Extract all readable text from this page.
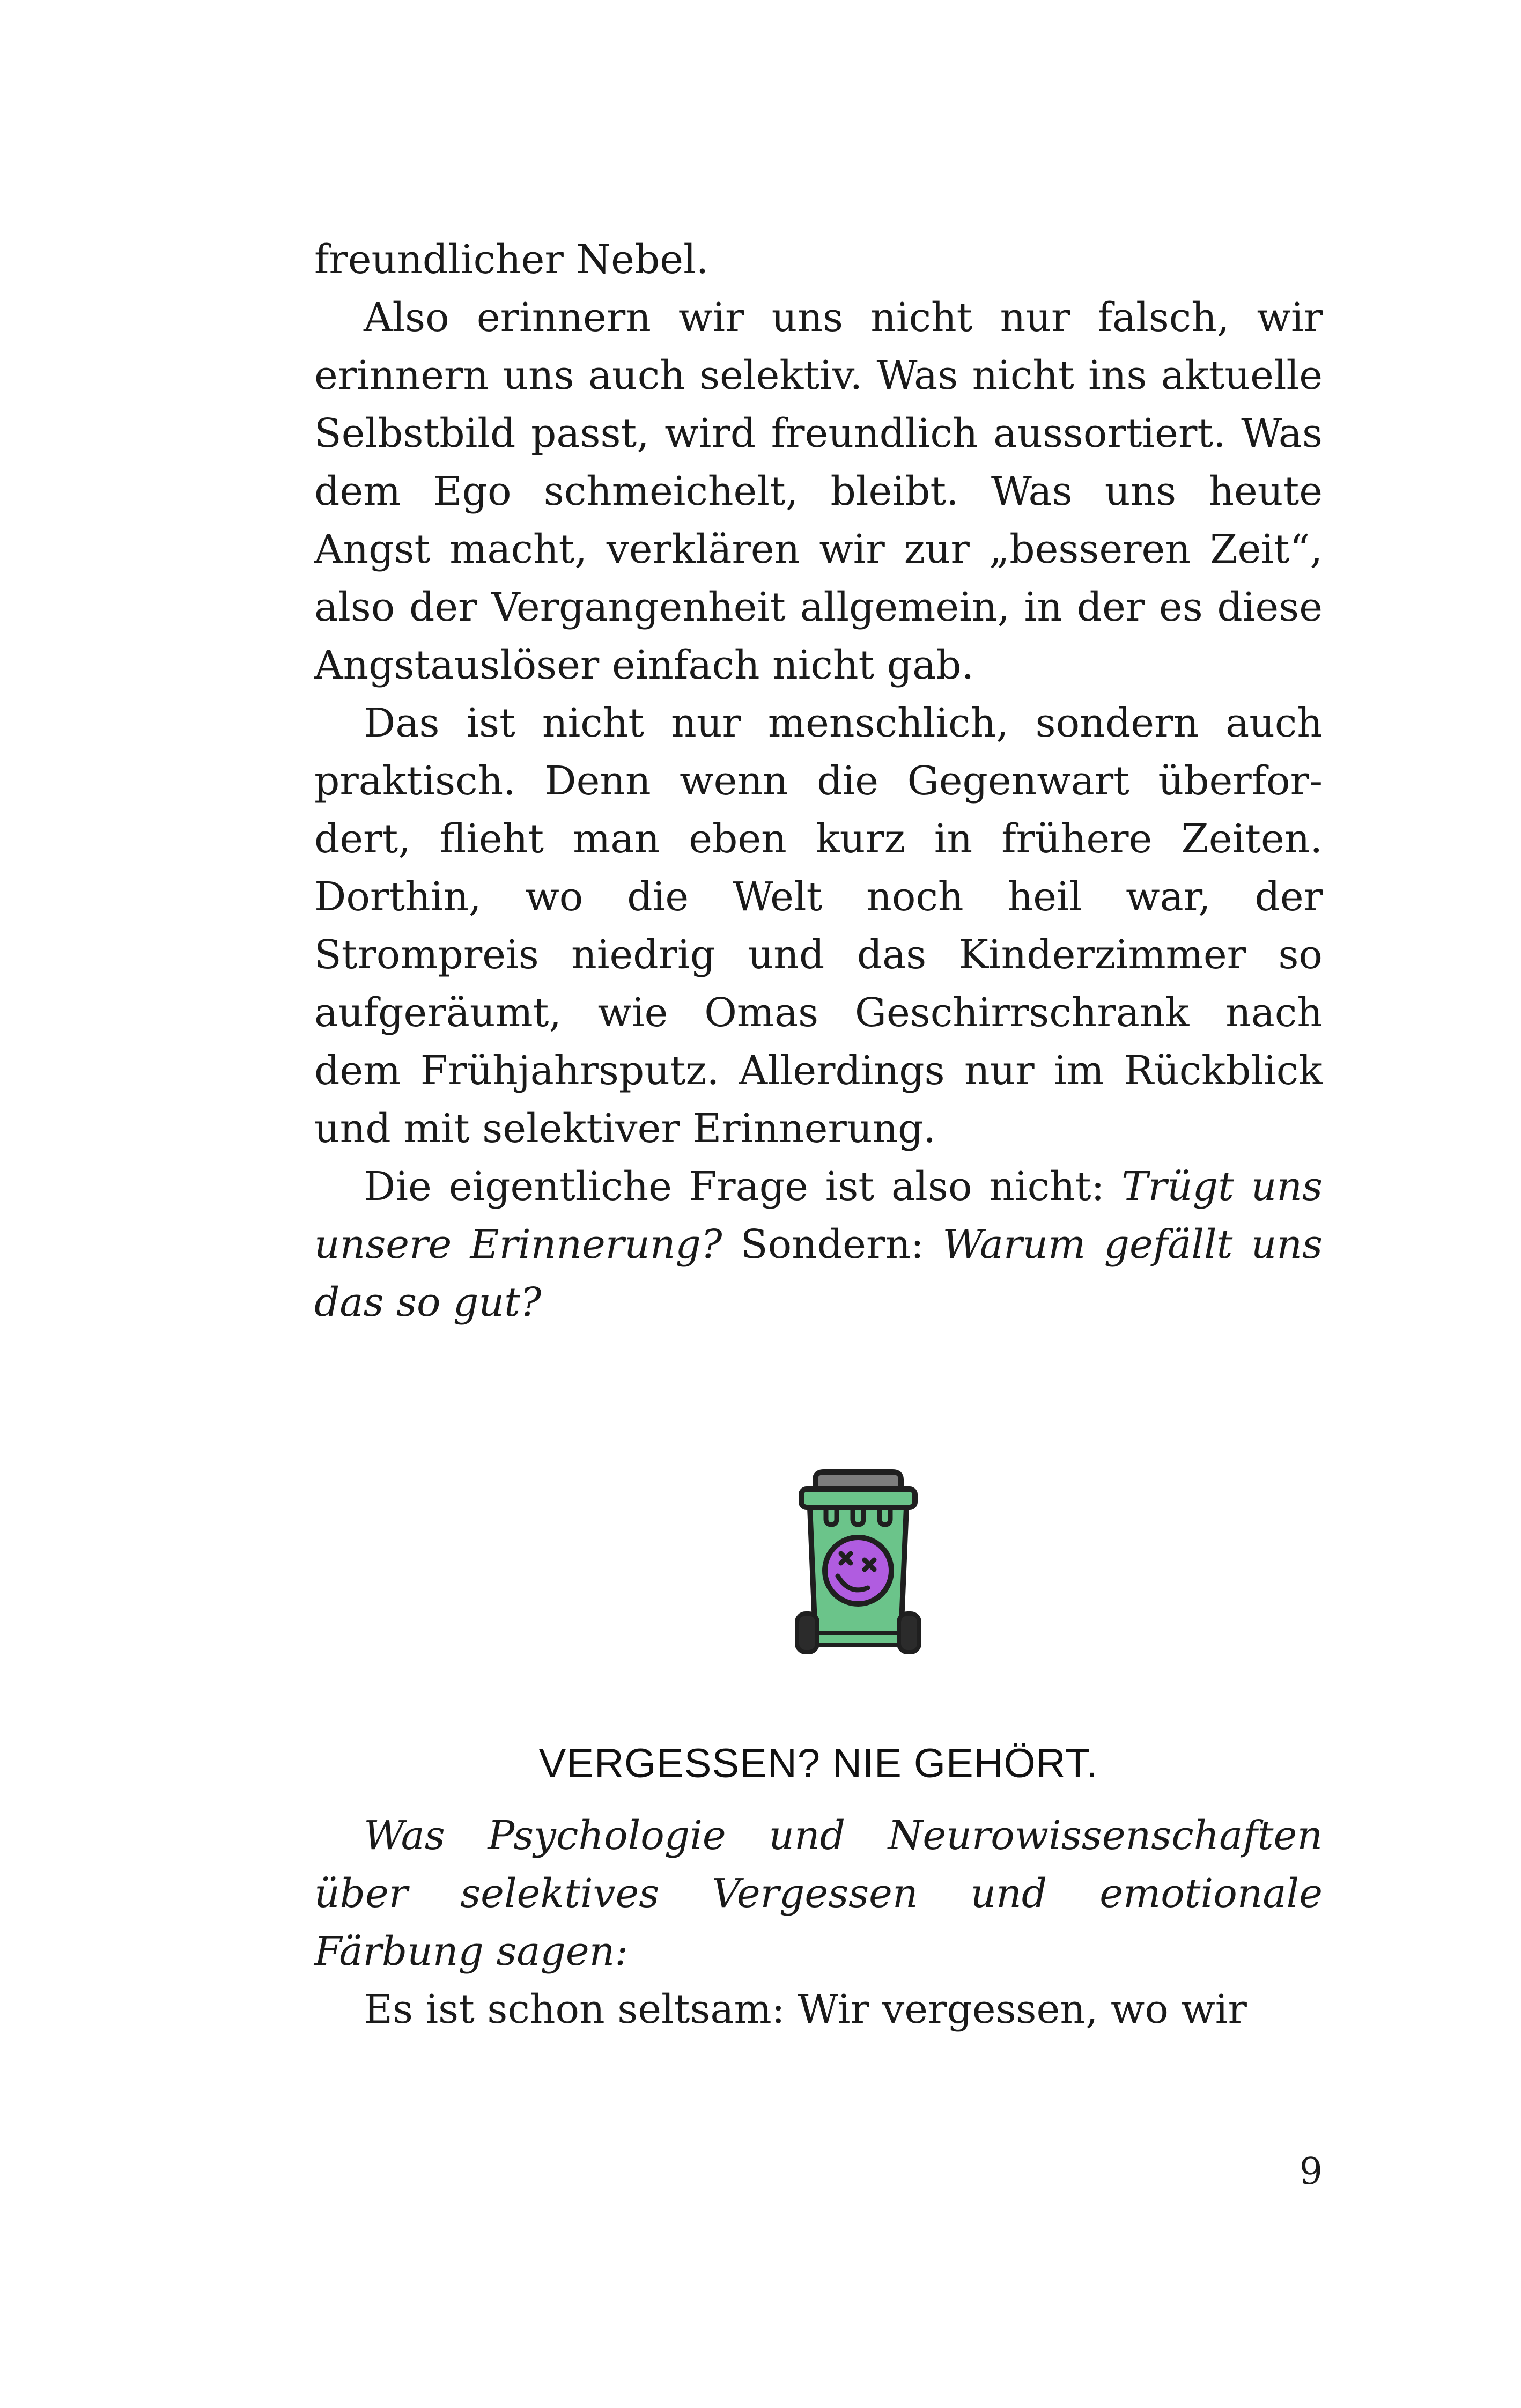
freundlicher Nebel.

Also erinnern wir uns nicht nur falsch, wir erinnern uns auch selektiv. Was nicht ins aktuelle Selbstbild passt, wird freundlich aussortiert. Was dem Ego schmeichelt, bleibt. Was uns heute Angst macht, verklären wir zur „besseren Zeit“, also der Vergangenheit allgemein, in der es diese Angstauslöser einfach nicht gab.

Das ist nicht nur menschlich, sondern auch praktisch. Denn wenn die Gegenwart überfordert, flieht man eben kurz in frühere Zeiten. Dorthin, wo die Welt noch heil war, der Strompreis niedrig und das Kinderzimmer so aufgeräumt, wie Omas Geschirrschrank nach dem Frühjahrsputz. Allerdings nur im Rückblick und mit selektiver Erinnerung.

Die eigentliche Frage ist also nicht: Trügt uns unsere Erinnerung? Sondern: Warum gefällt uns das so gut?

VERGESSEN? NIE GEHÖRT.

Was Psychologie und Neurowissenschaften über selektives Vergessen und emotionale Färbung sagen:

Es ist schon seltsam: Wir vergessen, wo wir

9
